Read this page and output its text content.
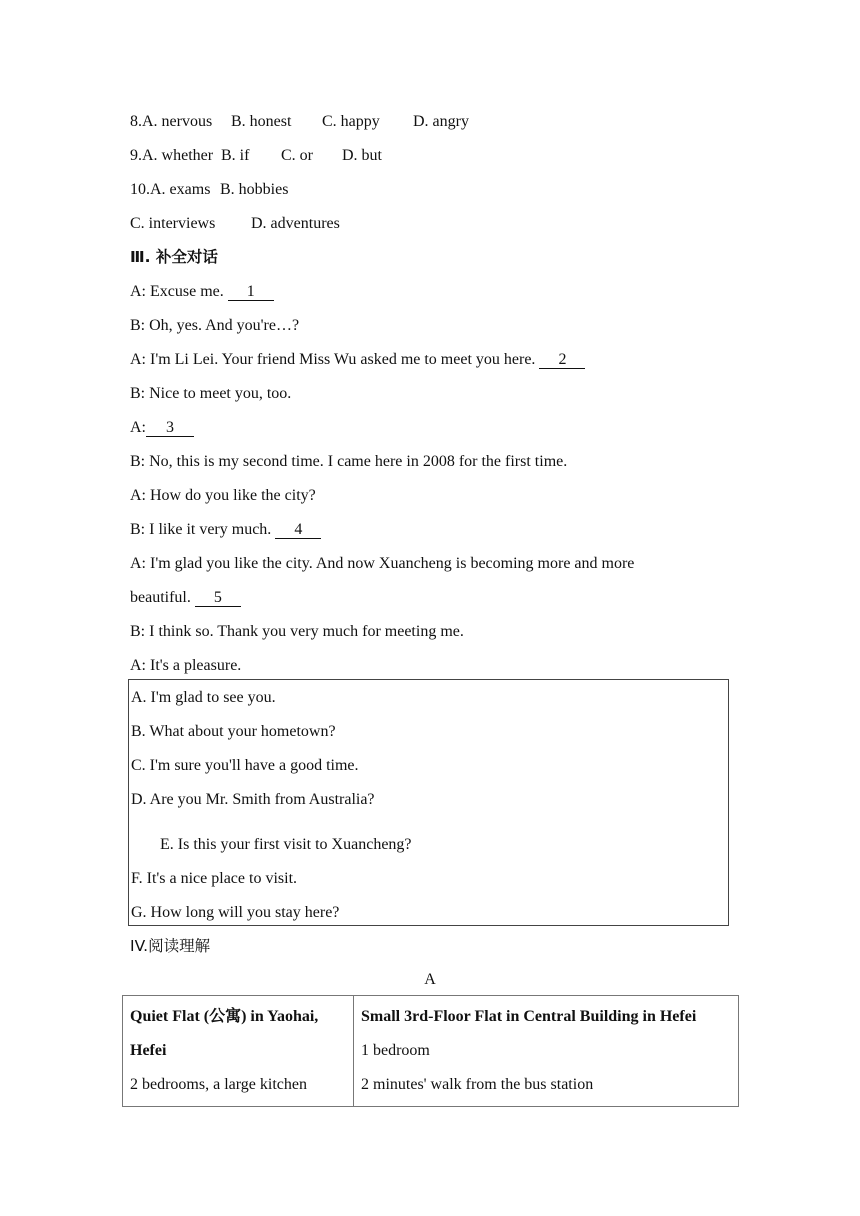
8.A. nervous B. honest C. happy D. angry
9.A. whether B. if C. or D. but
10.A. exams B. hobbies
C. interviews D. adventures
Ⅲ. 补全对话
A: Excuse me. 1
B: Oh, yes. And you're…?
A: I'm Li Lei. Your friend Miss Wu asked me to meet you here. 2
B: Nice to meet you, too.
A: 3
B: No, this is my second time. I came here in 2008 for the first time.
A: How do you like the city?
B: I like it very much. 4
A: I'm glad you like the city. And now Xuancheng is becoming more and more
beautiful. 5
B: I think so. Thank you very much for meeting me.
A: It's a pleasure.
A. I'm glad to see you.
B. What about your hometown?
C. I'm sure you'll have a good time.
D. Are you Mr. Smith from Australia?
E. Is this your first visit to Xuancheng?
F. It's a nice place to visit.
G. How long will you stay here?
IV.阅读理解
A
Quiet Flat (公寓) in Yaohai,
Hefei
2 bedrooms, a large kitchen

Small 3rd-Floor Flat in Central Building in Hefei
1 bedroom
2 minutes' walk from the bus station
